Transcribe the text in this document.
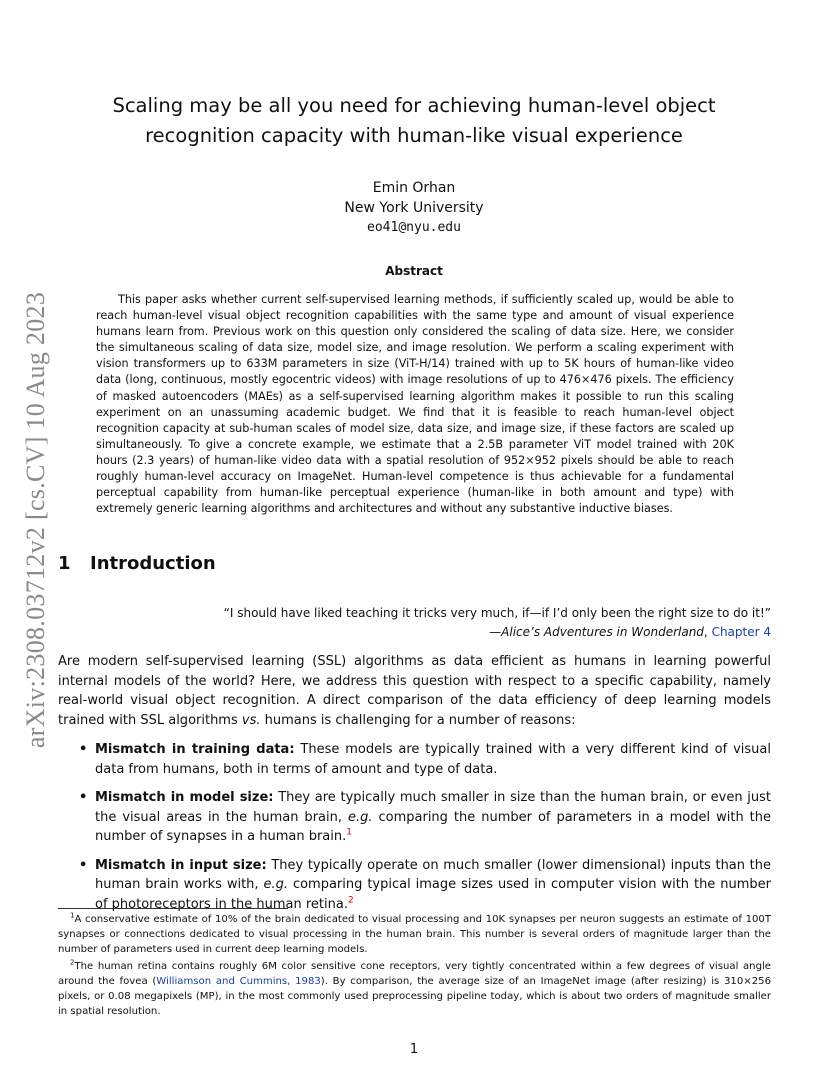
arXiv:2308.03712v2 [cs.CV] 10 Aug 2023
Scaling may be all you need for achieving human-level object recognition capacity with human-like visual experience
Emin Orhan
New York University
eo41@nyu.edu
Abstract
This paper asks whether current self-supervised learning methods, if sufficiently scaled up, would be able to reach human-level visual object recognition capabilities with the same type and amount of visual experience humans learn from. Previous work on this question only considered the scaling of data size. Here, we consider the simultaneous scaling of data size, model size, and image resolution. We perform a scaling experiment with vision transformers up to 633M parameters in size (ViT-H/14) trained with up to 5K hours of human-like video data (long, continuous, mostly egocentric videos) with image resolutions of up to 476×476 pixels. The efficiency of masked autoencoders (MAEs) as a self-supervised learning algorithm makes it possible to run this scaling experiment on an unassuming academic budget. We find that it is feasible to reach human-level object recognition capacity at sub-human scales of model size, data size, and image size, if these factors are scaled up simultaneously. To give a concrete example, we estimate that a 2.5B parameter ViT model trained with 20K hours (2.3 years) of human-like video data with a spatial resolution of 952×952 pixels should be able to reach roughly human-level accuracy on ImageNet. Human-level competence is thus achievable for a fundamental perceptual capability from human-like perceptual experience (human-like in both amount and type) with extremely generic learning algorithms and architectures and without any substantive inductive biases.
1 Introduction
“I should have liked teaching it tricks very much, if—if I’d only been the right size to do it!”
—Alice’s Adventures in Wonderland, Chapter 4
Are modern self-supervised learning (SSL) algorithms as data efficient as humans in learning powerful internal models of the world? Here, we address this question with respect to a specific capability, namely real-world visual object recognition. A direct comparison of the data efficiency of deep learning models trained with SSL algorithms vs. humans is challenging for a number of reasons:
• Mismatch in training data: These models are typically trained with a very different kind of visual data from humans, both in terms of amount and type of data.
• Mismatch in model size: They are typically much smaller in size than the human brain, or even just the visual areas in the human brain, e.g. comparing the number of parameters in a model with the number of synapses in a human brain.$^1$
• Mismatch in input size: They typically operate on much smaller (lower dimensional) inputs than the human brain works with, e.g. comparing typical image sizes used in computer vision with the number of photoreceptors in the human retina.$^2$

$^1$A conservative estimate of 10% of the brain dedicated to visual processing and 10K synapses per neuron suggests an estimate of 100T synapses or connections dedicated to visual processing in the human brain. This number is several orders of magnitude larger than the number of parameters used in current deep learning models.

$^2$The human retina contains roughly 6M color sensitive cone receptors, very tightly concentrated within a few degrees of visual angle around the fovea (Williamson and Cummins, 1983). By comparison, the average size of an ImageNet image (after resizing) is 310×256 pixels, or 0.08 megapixels (MP), in the most commonly used preprocessing pipeline today, which is about two orders of magnitude smaller in spatial resolution.

1
